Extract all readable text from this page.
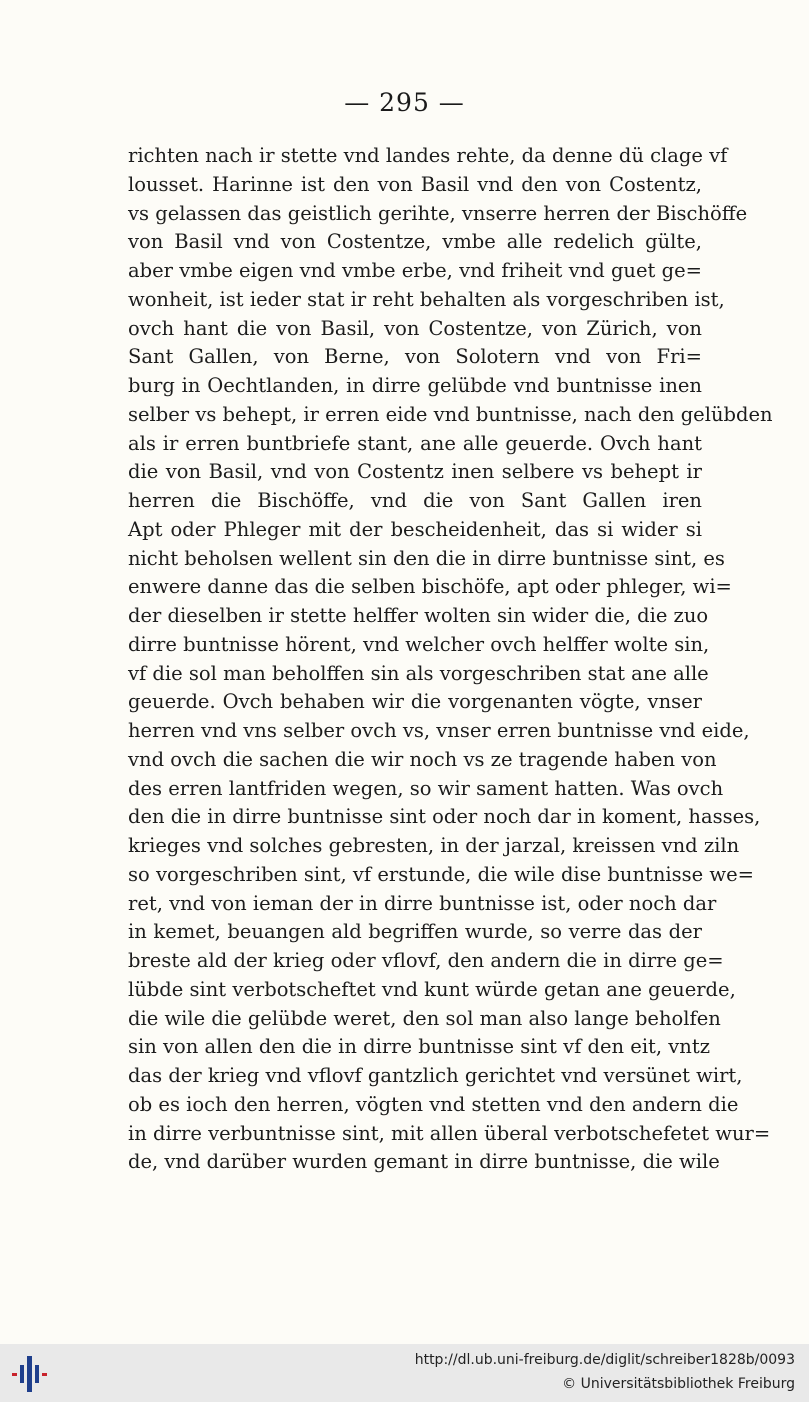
— 295 —
richten nach ir stette vnd landes rehte, da denne dü clage vf
lousset. Harinne ist den von Basil vnd den von Costentz,
vs gelassen das geistlich gerihte, vnserre herren der Bischöffe
von Basil vnd von Costentze, vmbe alle redelich gülte,
aber vmbe eigen vnd vmbe erbe, vnd friheit vnd guet ge=
wonheit, ist ieder stat ir reht behalten als vorgeschriben ist,
ovch hant die von Basil, von Costentze, von Zürich, von
Sant Gallen, von Berne, von Solotern vnd von Fri=
burg in Oechtlanden, in dirre gelübde vnd buntnisse inen
selber vs behept, ir erren eide vnd buntnisse, nach den gelübden
als ir erren buntbriefe stant, ane alle geuerde. Ovch hant
die von Basil, vnd von Costentz inen selbere vs behept ir
herren die Bischöffe, vnd die von Sant Gallen iren
Apt oder Phleger mit der bescheidenheit, das si wider si
nicht beholsen wellent sin den die in dirre buntnisse sint, es
enwere danne das die selben bischöfe, apt oder phleger, wi=
der dieselben ir stette helffer wolten sin wider die, die zuo
dirre buntnisse hörent, vnd welcher ovch helffer wolte sin,
vf die sol man beholffen sin als vorgeschriben stat ane alle
geuerde. Ovch behaben wir die vorgenanten vögte, vnser
herren vnd vns selber ovch vs, vnser erren buntnisse vnd eide,
vnd ovch die sachen die wir noch vs ze tragende haben von
des erren lantfriden wegen, so wir sament hatten. Was ovch
den die in dirre buntnisse sint oder noch dar in koment, hasses,
krieges vnd solches gebresten, in der jarzal, kreissen vnd ziln
so vorgeschriben sint, vf erstunde, die wile dise buntnisse we=
ret, vnd von ieman der in dirre buntnisse ist, oder noch dar
in kemet, beuangen ald begriffen wurde, so verre das der
breste ald der krieg oder vflovf, den andern die in dirre ge=
lübde sint verbotscheftet vnd kunt würde getan ane geuerde,
die wile die gelübde weret, den sol man also lange beholfen
sin von allen den die in dirre buntnisse sint vf den eit, vntz
das der krieg vnd vflovf gantzlich gerichtet vnd versünet wirt,
ob es ioch den herren, vögten vnd stetten vnd den andern die
in dirre verbuntnisse sint, mit allen überal verbotschefetet wur=
de, vnd darüber wurden gemant in dirre buntnisse, die wile
http://dl.ub.uni-freiburg.de/diglit/schreiber1828b/0093
© Universitätsbibliothek Freiburg
